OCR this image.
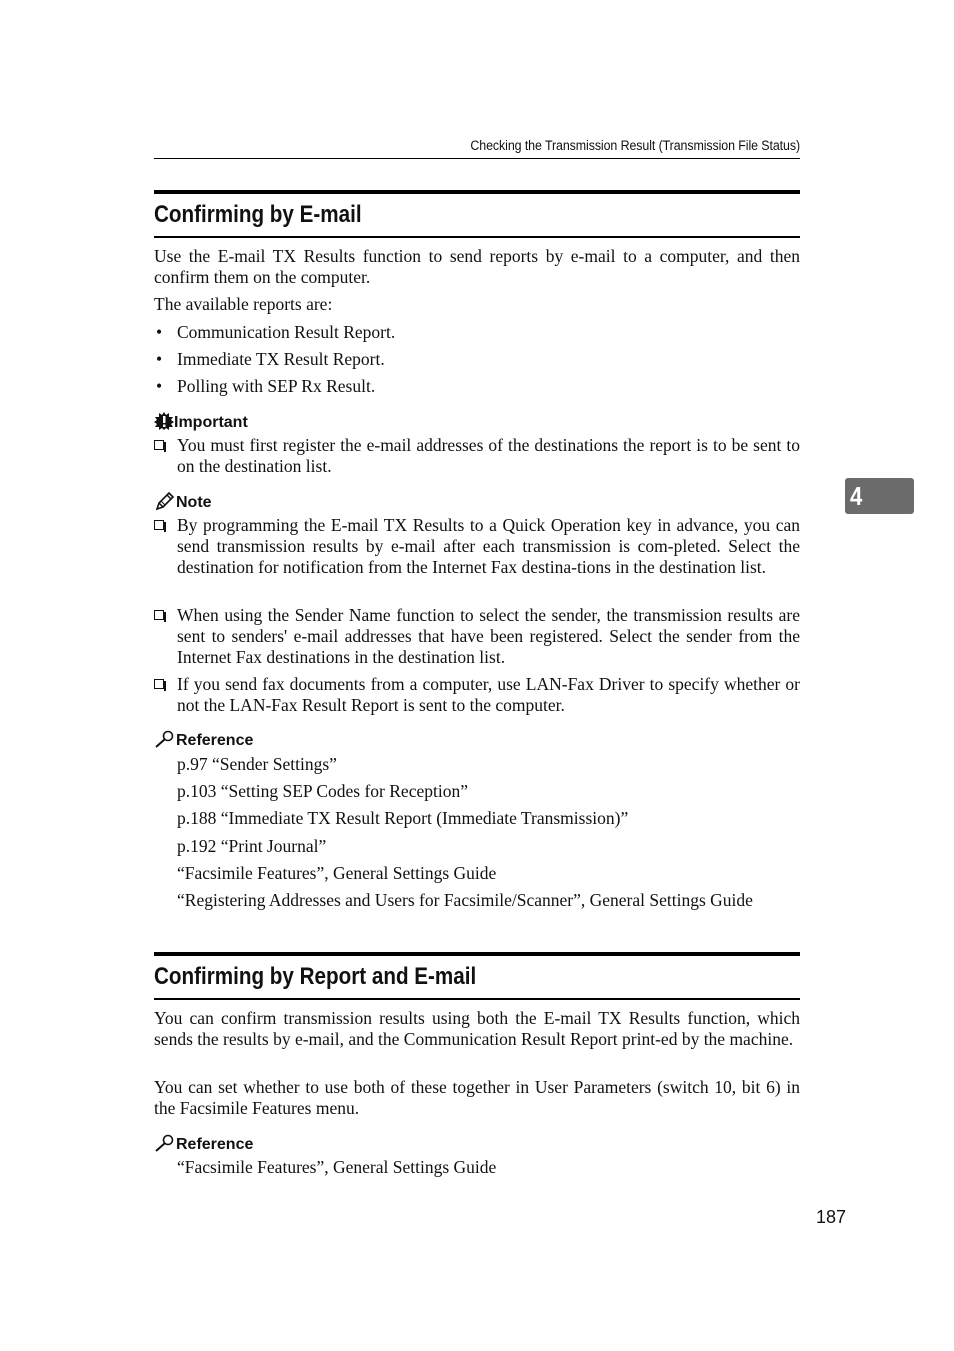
Checking the Transmission Result (Transmission File Status)
4
Confirming by E-mail
Use the E-mail TX Results function to send reports by e-mail to a computer, and then confirm them on the computer.
The available reports are:
• Communication Result Report.
• Immediate TX Result Report.
• Polling with SEP Rx Result.
Important
You must first register the e-mail addresses of the destinations the report is to be sent to on the destination list.
Note
By programming the E-mail TX Results to a Quick Operation key in advance, you can send transmission results by e-mail after each transmission is com-pleted. Select the destination for notification from the Internet Fax destina-tions in the destination list.
When using the Sender Name function to select the sender, the transmission results are sent to senders' e-mail addresses that have been registered. Select the sender from the Internet Fax destinations in the destination list.
If you send fax documents from a computer, use LAN-Fax Driver to specify whether or not the LAN-Fax Result Report is sent to the computer.
Reference
p.97 “Sender Settings”
p.103 “Setting SEP Codes for Reception”
p.188 “Immediate TX Result Report (Immediate Transmission)”
p.192 “Print Journal”
“Facsimile Features”, General Settings Guide
“Registering Addresses and Users for Facsimile/Scanner”, General Settings Guide
Confirming by Report and E-mail
You can confirm transmission results using both the E-mail TX Results function, which sends the results by e-mail, and the Communication Result Report print-ed by the machine.
You can set whether to use both of these together in User Parameters (switch 10, bit 6) in the Facsimile Features menu.
Reference
“Facsimile Features”, General Settings Guide
187
